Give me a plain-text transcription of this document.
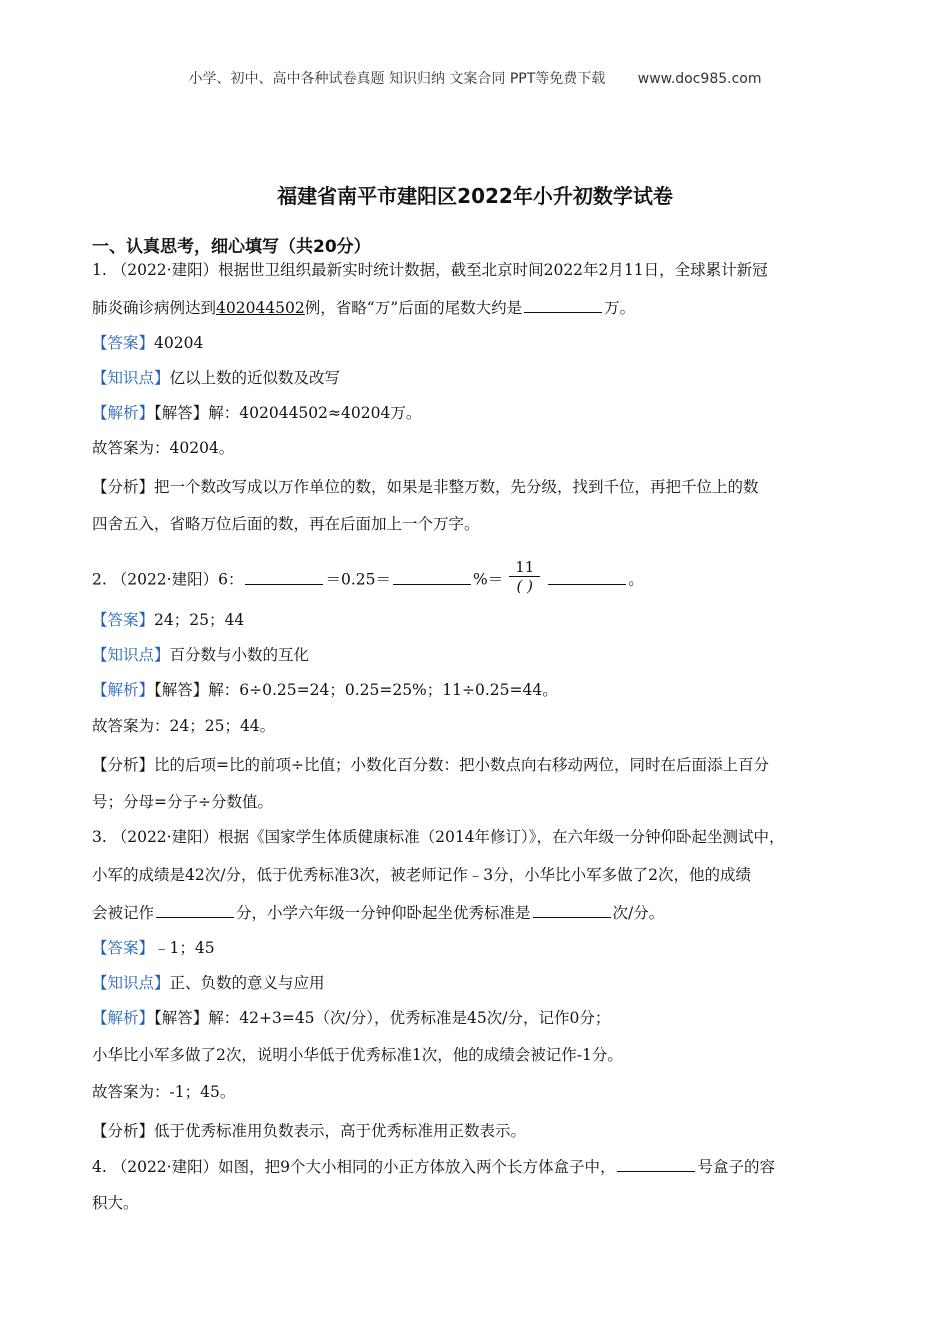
小学、初中、高中各种试卷真题 知识归纳 文案合同 PPT等免费下载 www.doc985.com
福建省南平市建阳区2022年小升初数学试卷
一、认真思考，细心填写（共20分）
1. （2022·建阳）根据世卫组织最新实时统计数据，截至北京时间2022年2月11日，全球累计新冠
肺炎确诊病例达到402044502例，省略“万”后面的尾数大约是	万。
【答案】40204
【知识点】亿以上数的近似数及改写
【解析】【解答】解：402044502≈40204万。
故答案为：40204。
【分析】把一个数改写成以万作单位的数，如果是非整万数，先分级，找到千位，再把千位上的数
四舍五入，省略万位后面的数，再在后面加上一个万字。
2. （2022·建阳）6：	＝0.25＝	%＝ $\frac{11}{( )}$	。
【答案】24；25；44
【知识点】百分数与小数的互化
【解析】【解答】解：6÷0.25=24；0.25=25%；11÷0.25=44。
故答案为：24；25；44。
【分析】比的后项=比的前项÷比值；小数化百分数：把小数点向右移动两位，同时在后面添上百分
号；分母=分子÷分数值。
3. （2022·建阳）根据《国家学生体质健康标准（2014年修订）》，在六年级一分钟仰卧起坐测试中，
小军的成绩是42次/分，低于优秀标准3次，被老师记作﹣3分，小华比小军多做了2次，他的成绩
会被记作	分，小学六年级一分钟仰卧起坐优秀标准是	次/分。
【答案】﹣1；45
【知识点】正、负数的意义与应用
【解析】【解答】解：42+3=45（次/分），优秀标准是45次/分，记作0分；
小华比小军多做了2次，说明小华低于优秀标准1次，他的成绩会被记作-1分。
故答案为：-1；45。
【分析】低于优秀标准用负数表示，高于优秀标准用正数表示。
4. （2022·建阳）如图，把9个大小相同的小正方体放入两个长方体盒子中，	号盒子的容
积大。
